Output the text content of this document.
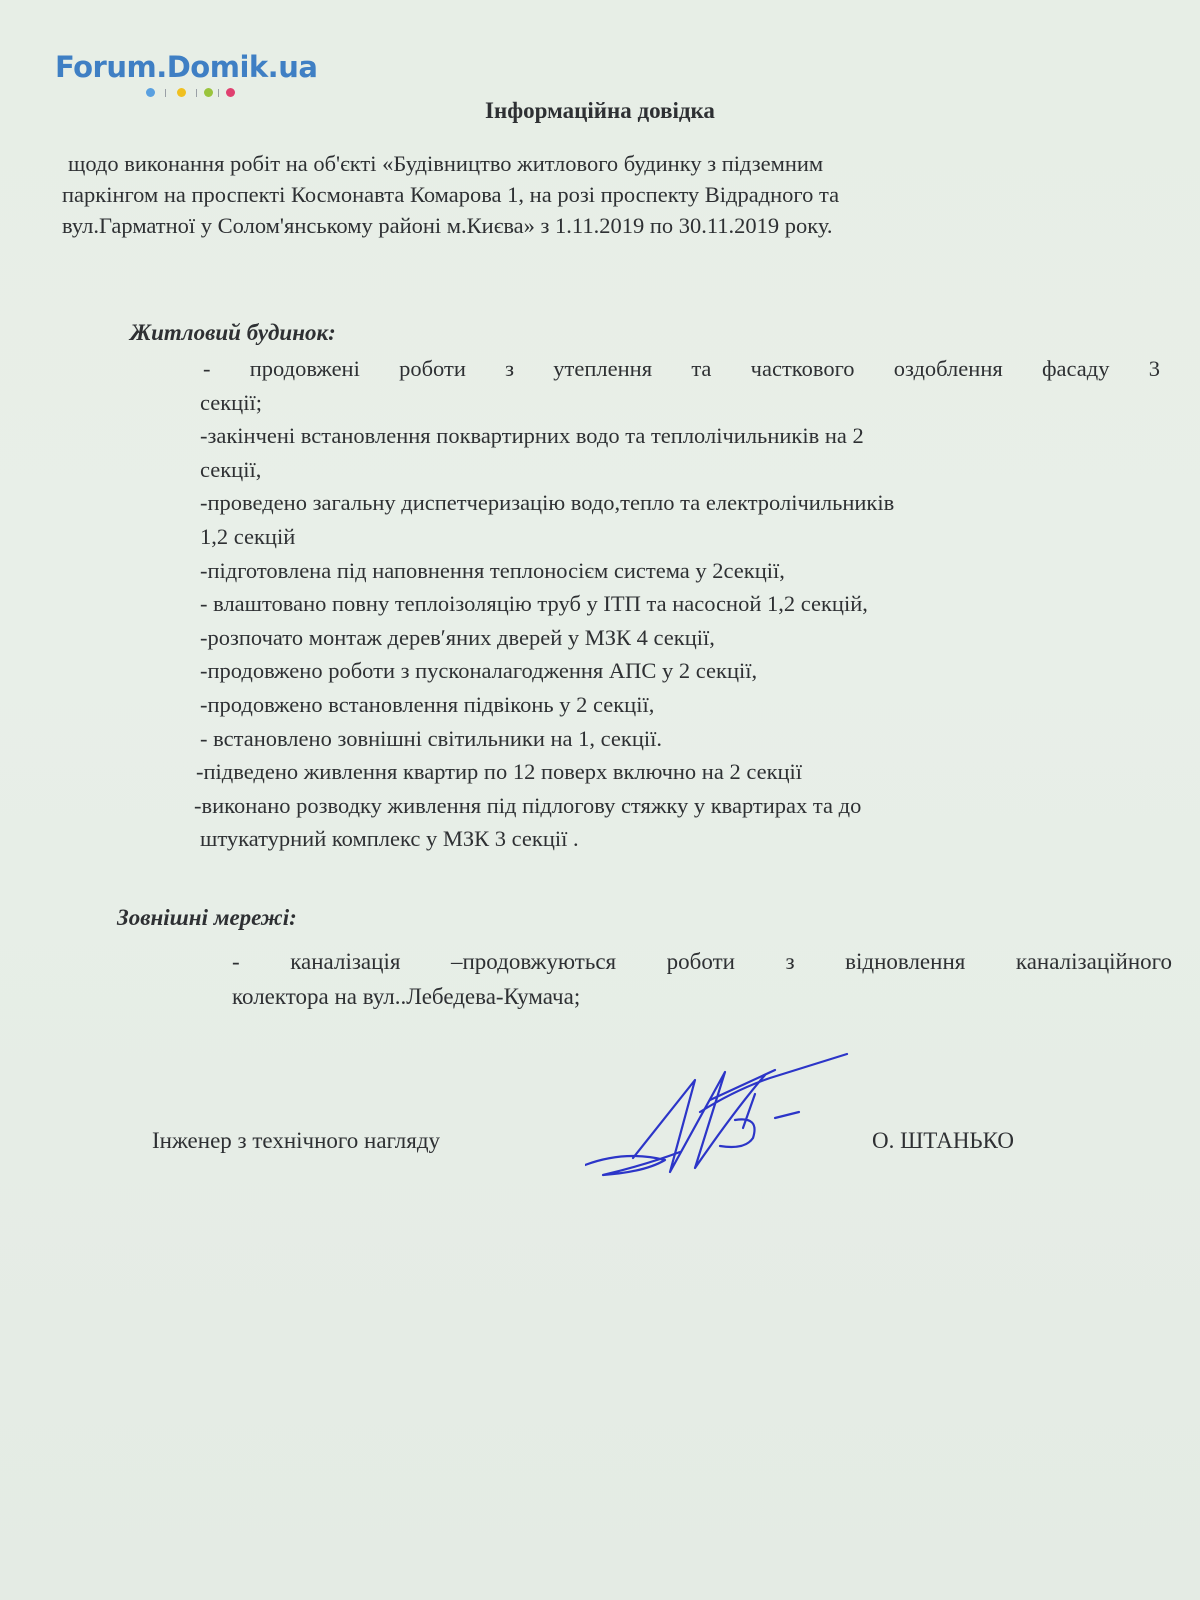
Forum.Domik.ua
Інформаційна довідка
щодо виконання робіт на об'єкті «Будівництво житлового будинку з підземним
паркінгом на проспекті Космонавта Комарова 1, на розі проспекту Відрадного та
вул.Гарматної у Солом'янському районі м.Києва» з 1.11.2019 по 30.11.2019 року.
Житловий будинок:
- продовжені роботи з утеплення та часткового оздоблення фасаду 3
секції;
-закінчені встановлення поквартирних водо та теплолічильників на 2
секції,
-проведено загальну диспетчеризацію водо,тепло та електролічильників
1,2 секцій
-підготовлена під наповнення теплоносієм система у 2секції,
- влаштовано повну теплоізоляцію труб у ІТП та насосной 1,2 секцій,
-розпочато монтаж деревʹяних дверей у МЗК 4 секції,
-продовжено роботи з пусконалагодження АПС у 2 секції,
-продовжено встановлення підвіконь у 2 секції,
- встановлено зовнішні світильники на 1, секції.
-підведено живлення квартир по 12 поверх включно на 2 секції
-виконано розводку живлення під підлогову стяжку у квартирах та до
штукатурний комплекс у МЗК 3 секції .
Зовнішні мережі:
- каналізація –продовжуються роботи з відновлення каналізаційного
колектора на вул..Лебедева-Кумача;
Інженер з технічного нагляду	О. ШТАНЬКО
